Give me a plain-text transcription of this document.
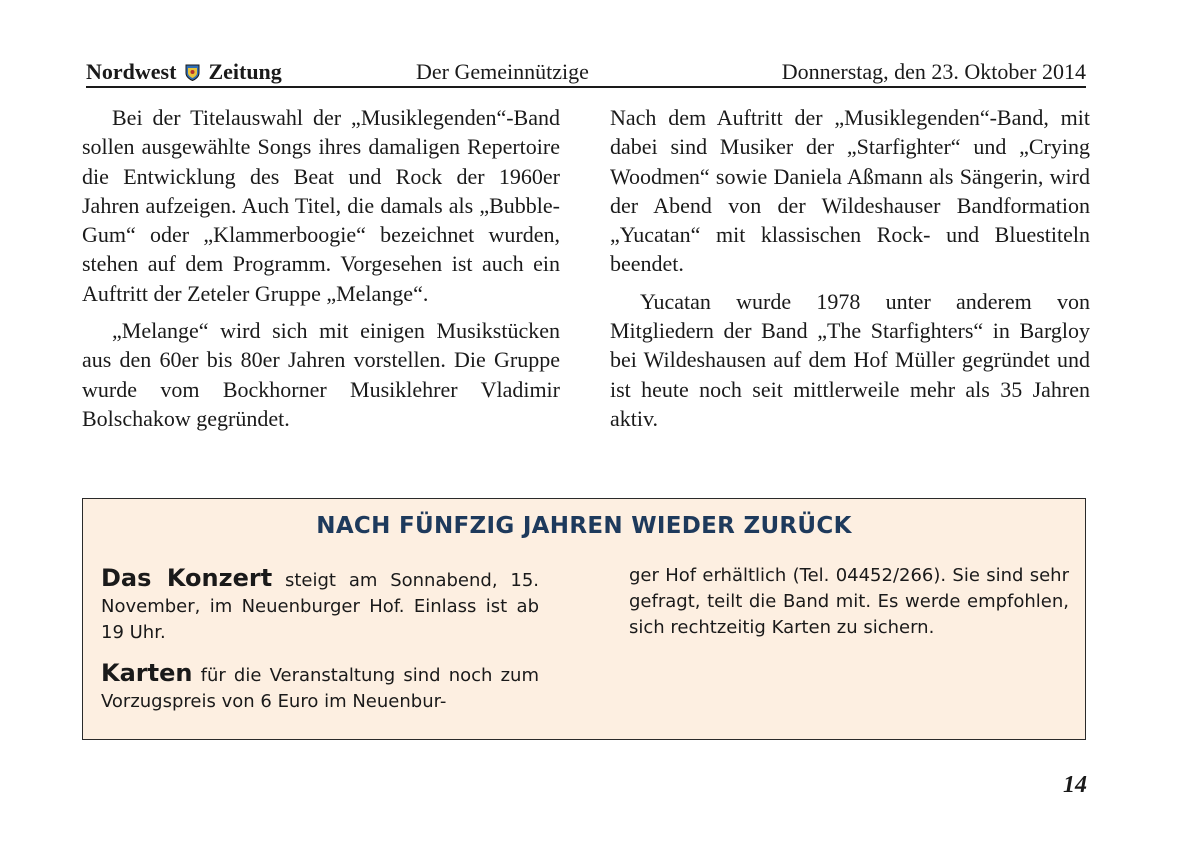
Nordwest Zeitung	Der Gemeinnützige	Donnerstag, den 23. Oktober 2014

Bei der Titelauswahl der „Musiklegenden“-Band sollen ausgewählte Songs ihres damaligen Repertoire die Entwicklung des Beat und Rock der 1960er Jahren aufzeigen. Auch Titel, die damals als „Bubble-Gum“ oder „Klammerboogie“ bezeichnet wurden, stehen auf dem Programm. Vorgesehen ist auch ein Auftritt der Zeteler Gruppe „Melange“.

„Melange“ wird sich mit einigen Musikstücken aus den 60er bis 80er Jahren vorstellen. Die Gruppe wurde vom Bockhorner Musiklehrer Vladimir Bolschakow gegründet.

Nach dem Auftritt der „Musiklegenden“-Band, mit dabei sind Musiker der „Starfighter“ und „Crying Woodmen“ sowie Daniela Aßmann als Sängerin, wird der Abend von der Wildeshauser Bandformation „Yucatan“ mit klassischen Rock- und Bluestiteln beendet.

Yucatan wurde 1978 unter anderem von Mitgliedern der Band „The Starfighters“ in Bargloy bei Wildeshausen auf dem Hof Müller gegründet und ist heute noch seit mittlerweile mehr als 35 Jahren aktiv.

NACH FÜNFZIG JAHREN WIEDER ZURÜCK

Das Konzert steigt am Sonnabend, 15. November, im Neuenburger Hof. Einlass ist ab 19 Uhr.

Karten für die Veranstaltung sind noch zum Vorzugspreis von 6 Euro im Neuenbur-

ger Hof erhältlich (Tel. 04452/266). Sie sind sehr gefragt, teilt die Band mit. Es werde empfohlen, sich rechtzeitig Karten zu sichern.

14
